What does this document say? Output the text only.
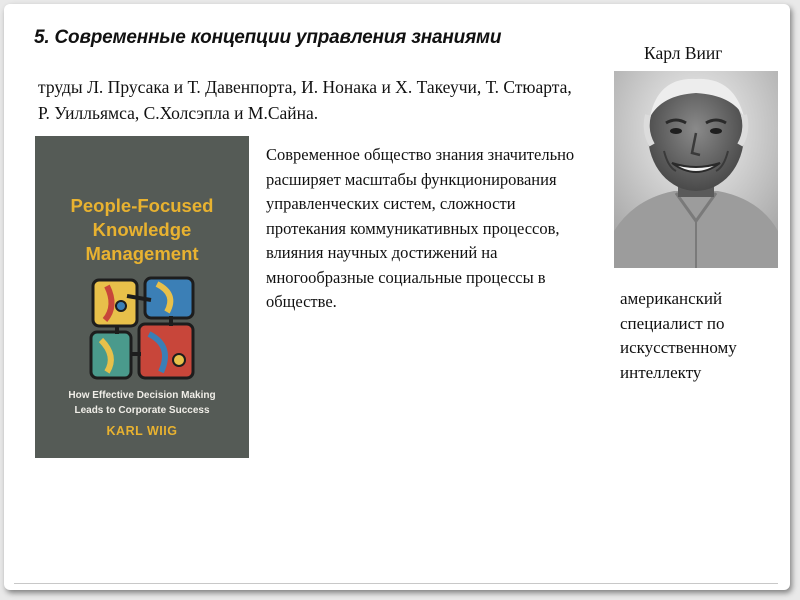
5. Современные концепции управления знаниями
труды Л. Прусака и Т. Давенпорта, И. Нонака и Х. Такеучи, Т. Стюарта, Р. Уилльямса, С.Холсэпла и М.Сайна.
People-Focused
Knowledge
Management
How Effective Decision Making
Leads to Corporate Success
KARL WIIG
Современное общество знания значительно расширяет масштабы функционирования управленческих систем, сложности протекания коммуникативных процессов, влияния научных достижений на многообразные социальные процессы в обществе.
Карл Вииг
американский специалист по искусственному интеллекту
